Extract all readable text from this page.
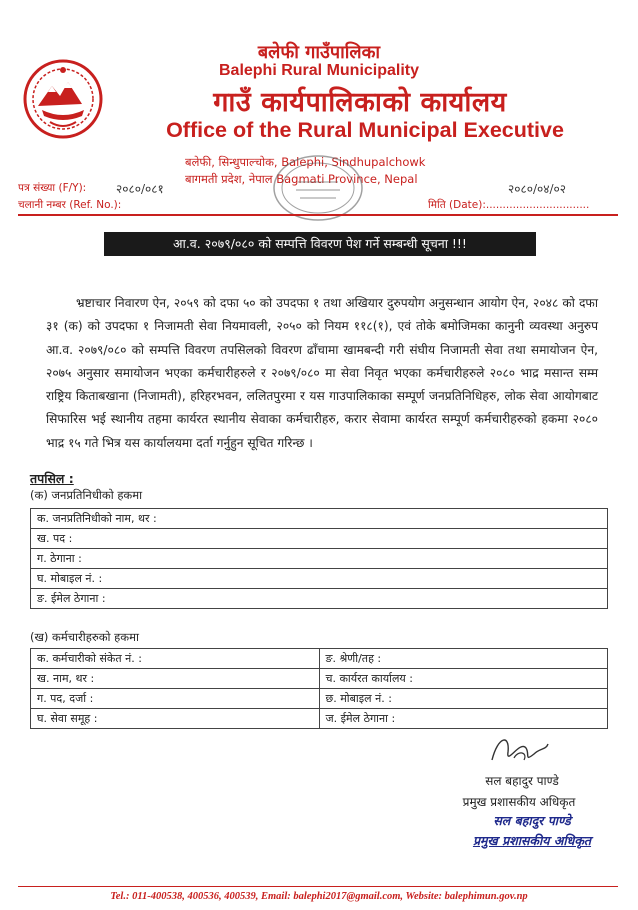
बलेफी गाउँपालिका
Balephi Rural Municipality
गाउँ कार्यपालिकाको कार्यालय
Office of the Rural Municipal Executive
बलेफी, सिन्धुपाल्चोक, Balephi, Sindhupalchowk
बागमती प्रदेश, नेपाल Bagmati Province, Nepal
पत्र संख्या (F/Y): २०८०/०८१
चलानी नम्बर (Ref. No.):
२०८०/०४/०२
मिति (Date):...............................
आ.व. २०७९/०८० को सम्पत्ति विवरण पेश गर्ने सम्बन्धी सूचना !!!
भ्रष्टाचार निवारण ऐन, २०५९ को दफा ५० को उपदफा १ तथा अखियार दुरुपयोग अनुसन्धान आयोग ऐन, २०४८ को दफा ३१ (क) को उपदफा १ निजामती सेवा नियमावली, २०५० को नियम ११८(१), एवं तोके बमोजिमका कानुनी व्यवस्था अनुरुप आ.व. २०७९/०८० को सम्पत्ति विवरण तपसिलको विवरण ढाँचामा खामबन्दी गरी संघीय निजामती सेवा तथा समायोजन ऐन, २०७५ अनुसार समायोजन भएका कर्मचारीहरुले र २०७९/०८० मा सेवा निवृत भएका कर्मचारीहरुले २०८० भाद्र मसान्त सम्म राष्ट्रिय किताबखाना (निजामती), हरिहरभवन, ललितपुरमा र यस गाउपालिकाका सम्पूर्ण जनप्रतिनिधिहरु, लोक सेवा आयोगबाट सिफारिस भई स्थानीय तहमा कार्यरत स्थानीय सेवाका कर्मचारीहरु, करार सेवामा कार्यरत सम्पूर्ण कर्मचारीहरुको हकमा २०८० भाद्र १५ गते भित्र यस कार्यालयमा दर्ता गर्नुहुन सूचित गरिन्छ ।
तपसिल :
(क) जनप्रतिनिधीको हकमा
क. जनप्रतिनिधीको नाम, थर :
ख. पद :
ग. ठेगाना :
घ. मोबाइल नं. :
ङ. ईमेल ठेगाना :
(ख) कर्मचारीहरुको हकमा
क. कर्मचारीको संकेत नं. :	ङ. श्रेणी/तह :
ख. नाम, थर :	च. कार्यरत कार्यालय :
ग. पद, दर्जा :	छ. मोबाइल नं. :
घ. सेवा समूह :	ज. ईमेल ठेगाना :
सल बहादुर पाण्डे
प्रमुख प्रशासकीय अधिकृत
सल बहादुर पाण्डे
प्रमुख प्रशासकीय अधिकृत
Tel.: 011-400538, 400536, 400539, Email: balephi2017@gmail.com, Website: balephimun.gov.np
